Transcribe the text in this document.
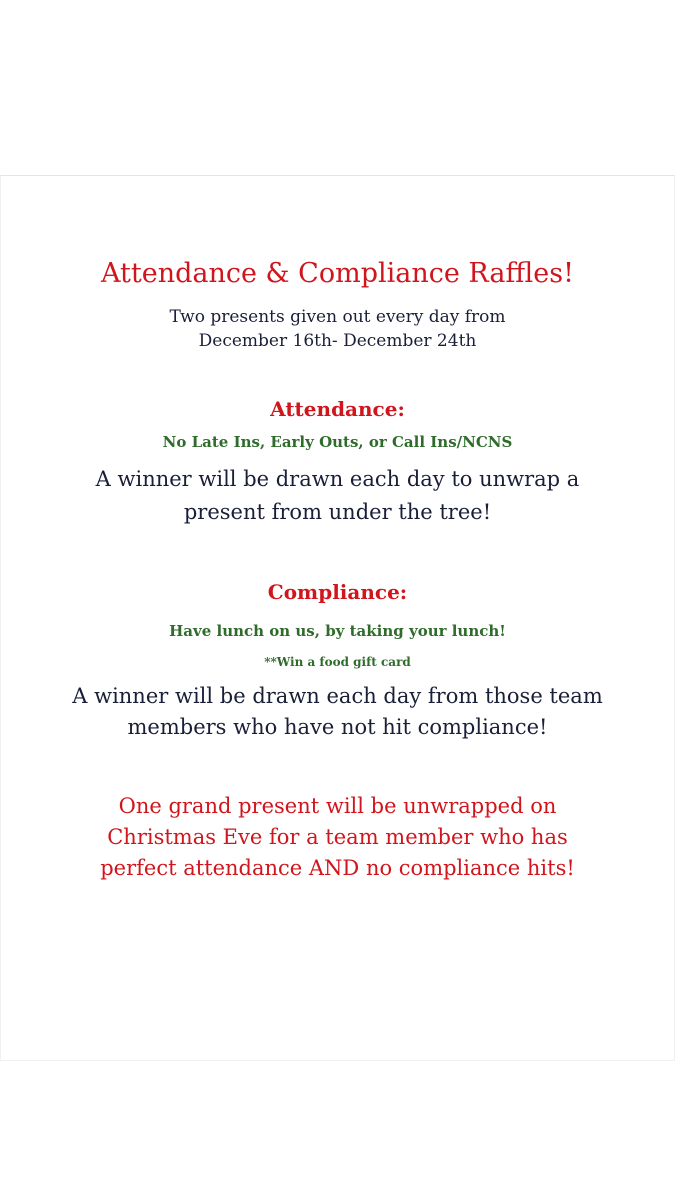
Attendance & Compliance Raffles!
Two presents given out every day from
December 16th- December 24th
Attendance:
No Late Ins, Early Outs, or Call Ins/NCNS
A winner will be drawn each day to unwrap a
present from under the tree!
Compliance:
Have lunch on us, by taking your lunch!
**Win a food gift card
A winner will be drawn each day from those team
members who have not hit compliance!
One grand present will be unwrapped on
Christmas Eve for a team member who has
perfect attendance AND no compliance hits!
